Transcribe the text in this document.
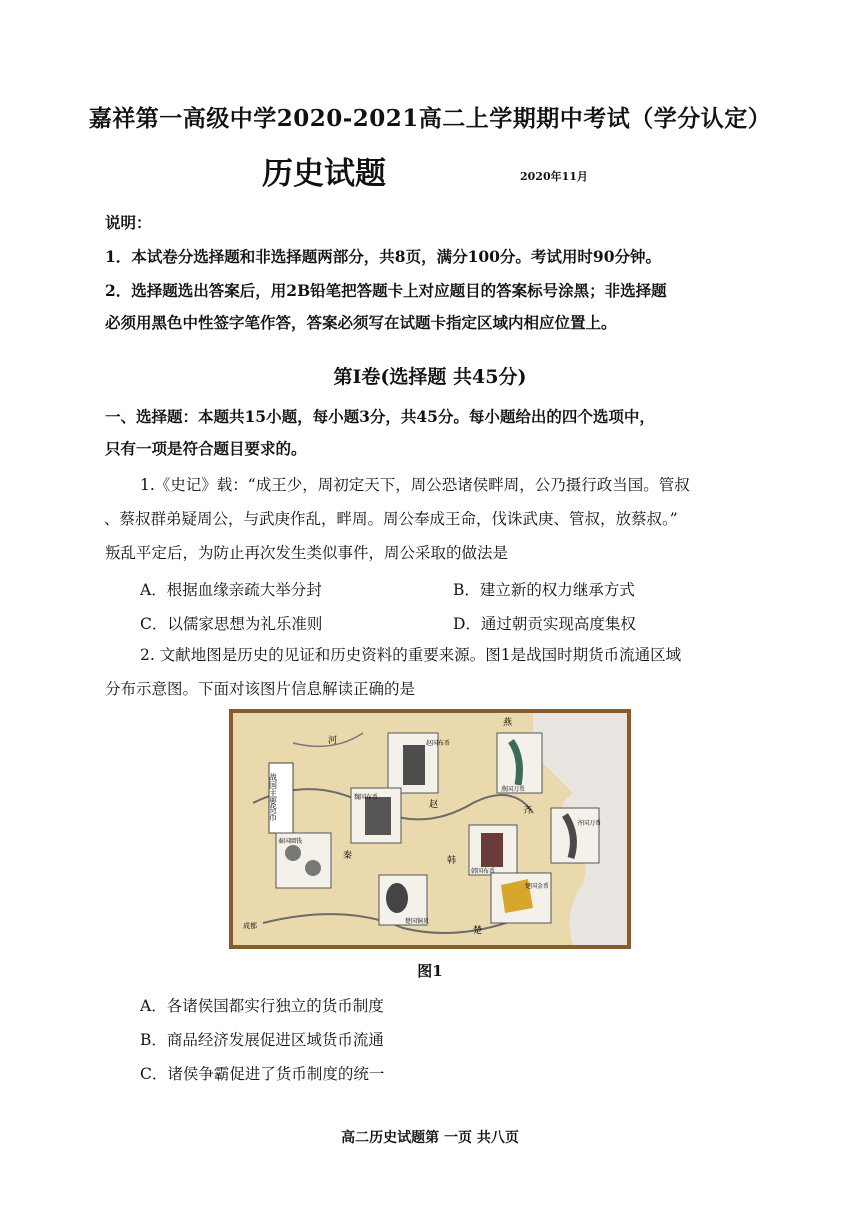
嘉祥第一高级中学2020-2021高二上学期期中考试（学分认定）
历史试题	2020年11月
说明：
1．本试卷分选择题和非选择题两部分，共8页，满分100分。考试用时90分钟。
2．选择题选出答案后，用2B铅笔把答题卡上对应题目的答案标号涂黑；非选择题
必须用黑色中性签字笔作答，答案必须写在试题卡指定区域内相应位置上。
第Ⅰ卷(选择题 共45分)
一、选择题：本题共15小题，每小题3分，共45分。每小题给出的四个选项中，
只有一项是符合题目要求的。
1.《史记》载：“成王少，周初定天下，周公恐诸侯畔周，公乃摄行政当国。管叔
、蔡叔群弟疑周公，与武庚作乱，畔周。周公奉成王命，伐诛武庚、管叔，放蔡叔。”
叛乱平定后，为防止再次发生类似事件，周公采取的做法是
A．根据血缘亲疏大举分封	B．建立新的权力继承方式
C．以儒家思想为礼乐准则	D．通过朝贡实现高度集权
2. 文献地图是历史的见证和历史资料的重要来源。图1是战国时期货币流通区域
分布示意图。下面对该图片信息解读正确的是
战国主要货币
燕
赵
齐
韩
楚
秦
河
成都
赵国布币
魏国布币
燕国刀币
齐国刀币
韩国布币
秦国圜钱
楚国铜贝
楚国金币
图1
A．各诸侯国都实行独立的货币制度
B．商品经济发展促进区域货币流通
C．诸侯争霸促进了货币制度的统一
高二历史试题第 一页 共八页
